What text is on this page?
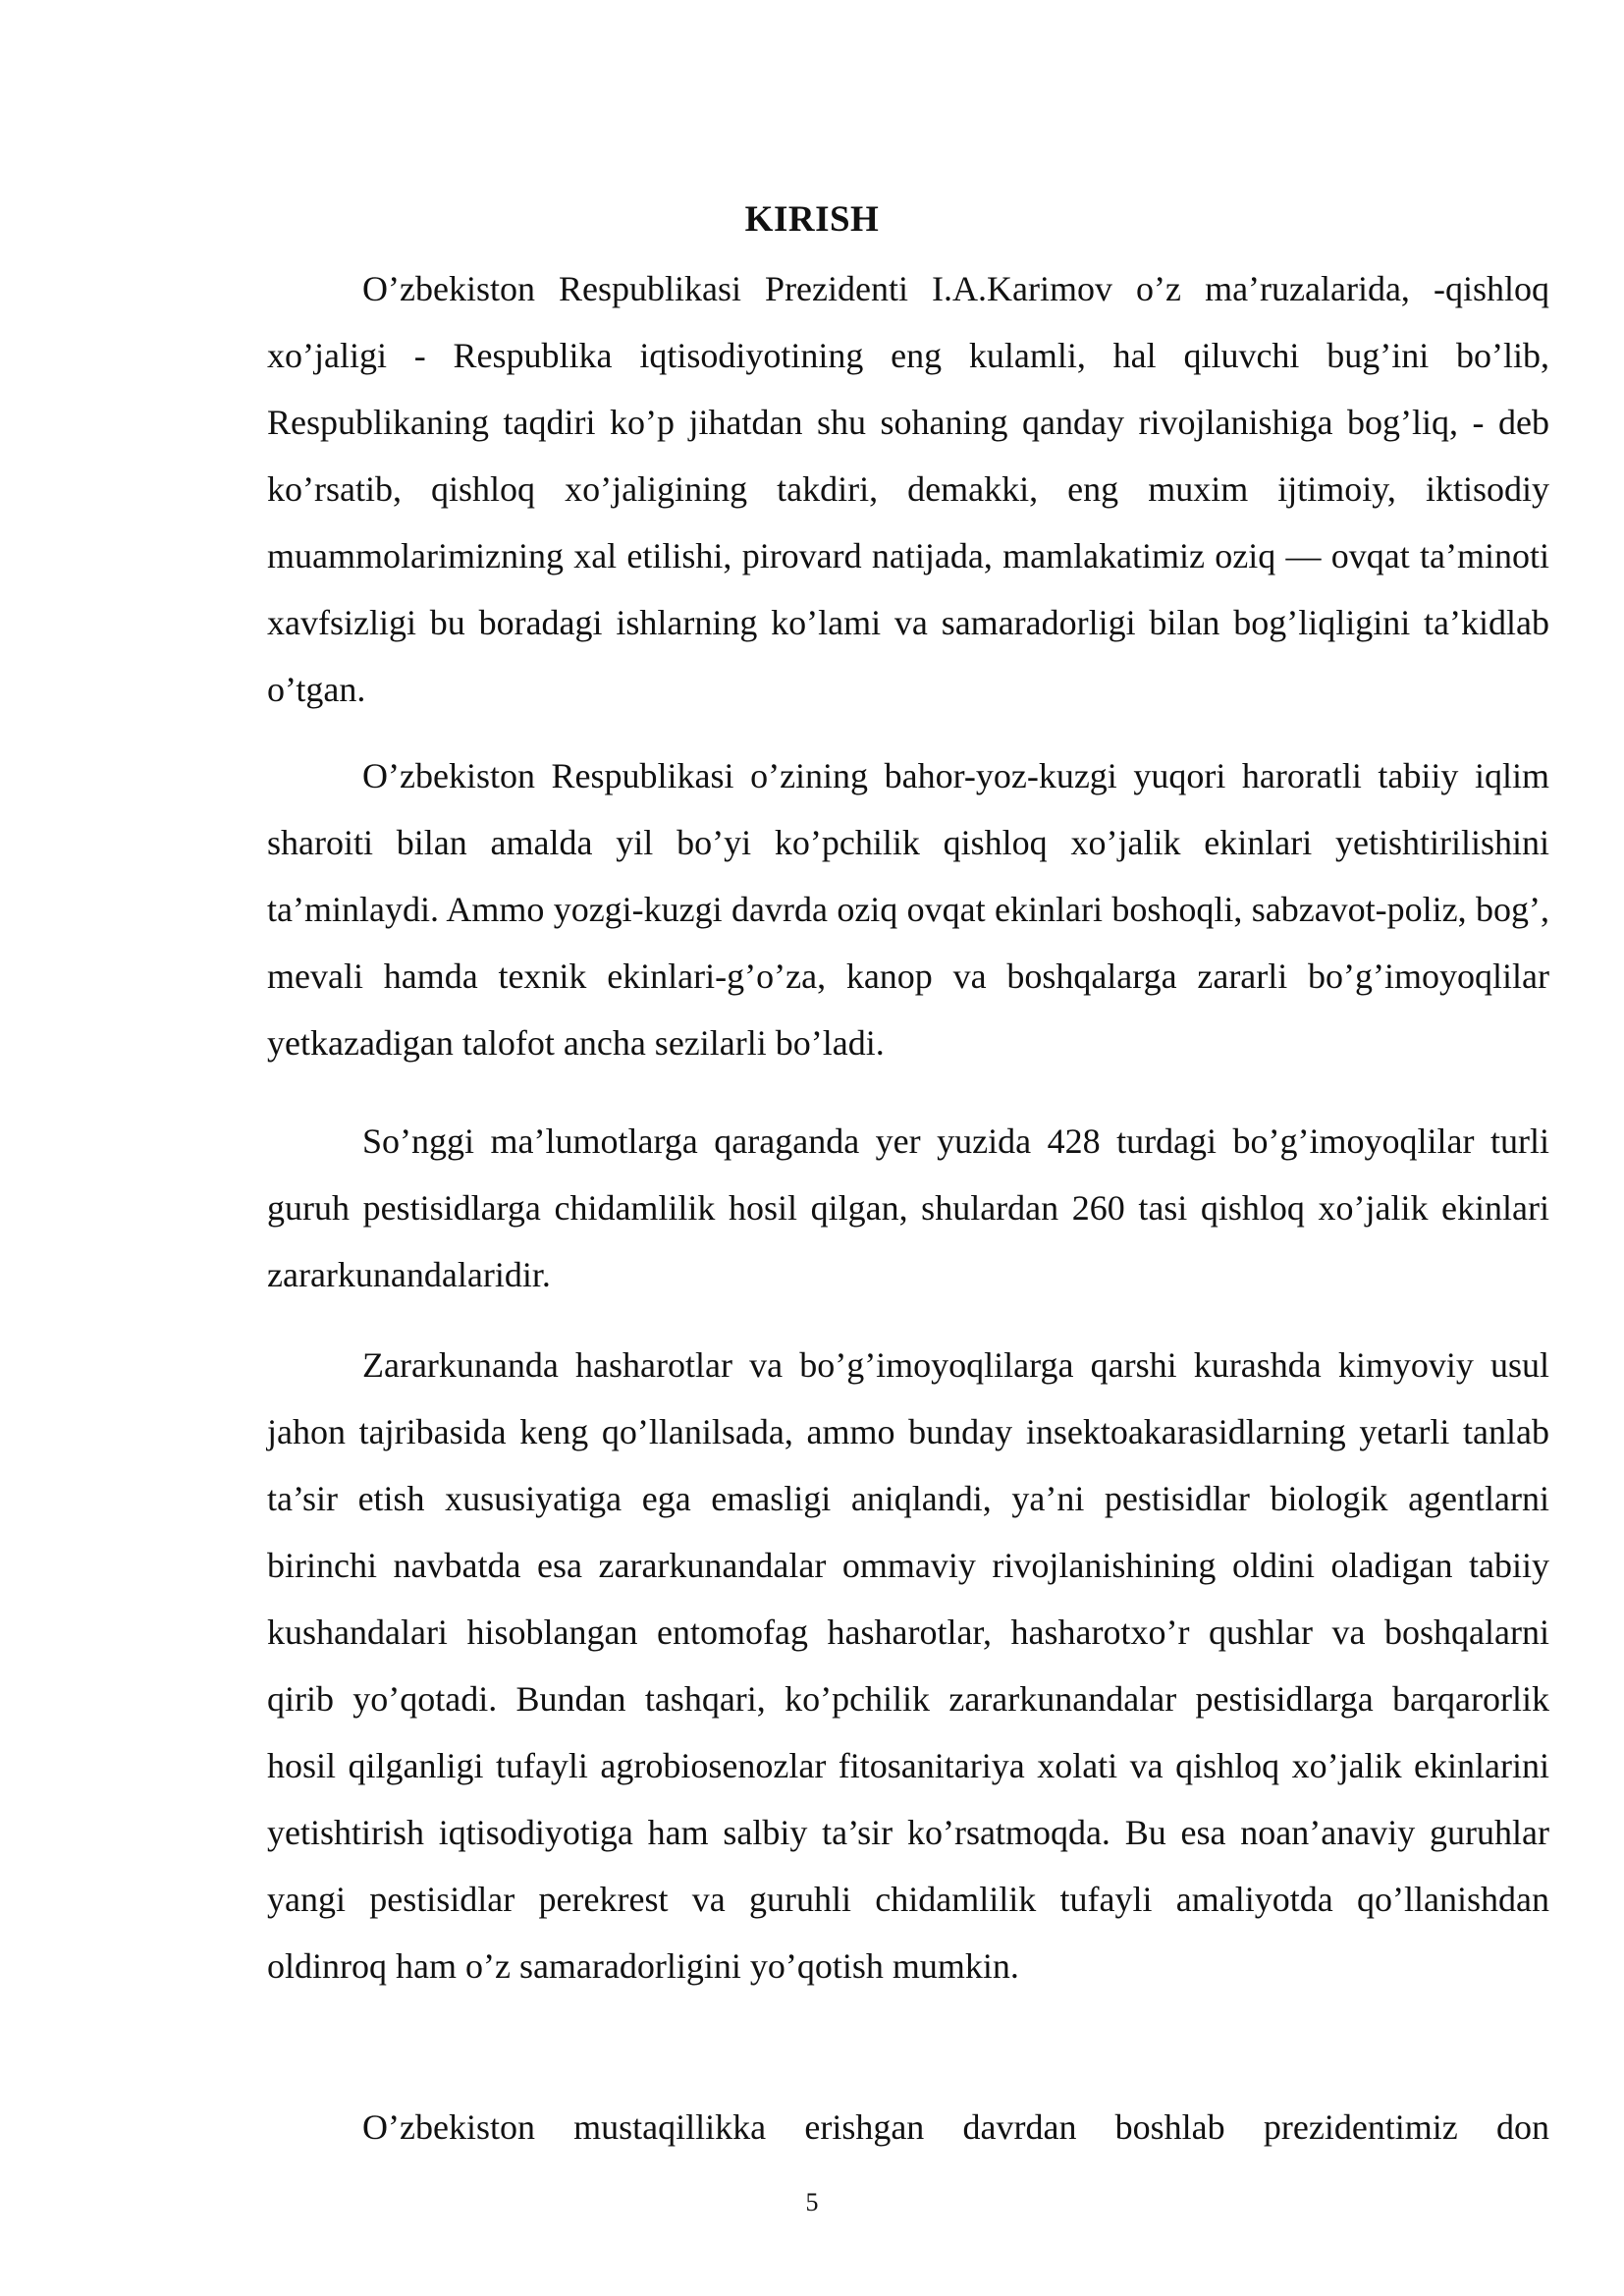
KIRISH

O’zbekiston Respublikasi Prezidenti I.A.Karimov o’z ma’ruzalarida, -qishloq xo’jaligi - Respublika iqtisodiyotining eng kulamli, hal qiluvchi bug’ini bo’lib, Respublikaning taqdiri ko’p jihatdan shu sohaning qanday rivojlanishiga bog’liq, - deb ko’rsatib, qishloq xo’jaligining takdiri, demakki, eng muxim ijtimoiy, iktisodiy muammolarimizning xal etilishi, pirovard natijada, mamlakatimiz oziq — ovqat ta’minoti xavfsizligi bu boradagi ishlarning ko’lami va samaradorligi bilan bog’liqligini ta’kidlab o’tgan.

O’zbekiston Respublikasi o’zining bahor-yoz-kuzgi yuqori haroratli tabiiy iqlim sharoiti bilan amalda yil bo’yi ko’pchilik qishloq xo’jalik ekinlari yetishtirilishini ta’minlaydi. Ammo yozgi-kuzgi davrda oziq ovqat ekinlari boshoqli, sabzavot-poliz, bog’, mevali hamda texnik ekinlari-g’o’za, kanop va boshqalarga zararli bo’g’imoyoqlilar yetkazadigan talofot ancha sezilarli bo’ladi.

So’nggi ma’lumotlarga qaraganda yer yuzida 428 turdagi bo’g’imoyoqlilar turli guruh pestisidlarga chidamlilik hosil qilgan, shulardan 260 tasi qishloq xo’jalik ekinlari zararkunandalaridir.

Zararkunanda hasharotlar va bo’g’imoyoqlilarga qarshi kurashda kimyoviy usul jahon tajribasida keng qo’llanilsada, ammo bunday insektoakarasidlarning yetarli tanlab ta’sir etish xususiyatiga ega emasligi aniqlandi, ya’ni pestisidlar biologik agentlarni birinchi navbatda esa zararkunandalar ommaviy rivojlanishining oldini oladigan tabiiy kushandalari hisoblangan entomofag hasharotlar, hasharotxo’r qushlar va boshqalarni qirib yo’qotadi. Bundan tashqari, ko’pchilik zararkunandalar pestisidlarga barqarorlik hosil qilganligi tufayli agrobiosenozlar fitosanitariya xolati va qishloq xo’jalik ekinlarini yetishtirish iqtisodiyotiga ham salbiy ta’sir ko’rsatmoqda. Bu esa noan’anaviy guruhlar yangi pestisidlar perekrest va guruhli chidamlilik tufayli amaliyotda qo’llanishdan oldinroq ham o’z samaradorligini yo’qotish mumkin.

O’zbekiston mustaqillikka erishgan davrdan boshlab prezidentimiz don

5
